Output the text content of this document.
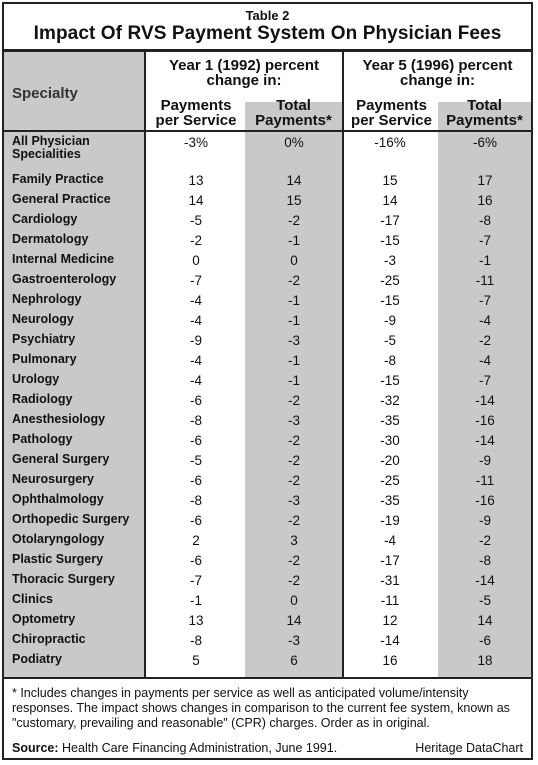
Table 2
Impact Of RVS Payment System On Physician Fees
Specialty
Year 1 (1992) percent
change in:
Year 5 (1996) percent
change in:
Payments
per Service
Total
Payments*
Payments
per Service
Total
Payments*
All Physician Specialities
-3%	0%	-16%	-6%
Family Practice	13	14	15	17
General Practice	14	15	14	16
Cardiology	-5	-2	-17	-8
Dermatology	-2	-1	-15	-7
Internal Medicine	0	0	-3	-1
Gastroenterology	-7	-2	-25	-11
Nephrology	-4	-1	-15	-7
Neurology	-4	-1	-9	-4
Psychiatry	-9	-3	-5	-2
Pulmonary	-4	-1	-8	-4
Urology	-4	-1	-15	-7
Radiology	-6	-2	-32	-14
Anesthesiology	-8	-3	-35	-16
Pathology	-6	-2	-30	-14
General Surgery	-5	-2	-20	-9
Neurosurgery	-6	-2	-25	-11
Ophthalmology	-8	-3	-35	-16
Orthopedic Surgery	-6	-2	-19	-9
Otolaryngology	2	3	-4	-2
Plastic Surgery	-6	-2	-17	-8
Thoracic Surgery	-7	-2	-31	-14
Clinics	-1	0	-11	-5
Optometry	13	14	12	14
Chiropractic	-8	-3	-14	-6
Podiatry	5	6	16	18
* Includes changes in payments per service as well as anticipated volume/intensity responses. The impact shows changes in comparison to the current fee system, known as "customary, prevailing and reasonable" (CPR) charges. Order as in original.
Source: Health Care Financing Administration, June 1991.	Heritage DataChart
